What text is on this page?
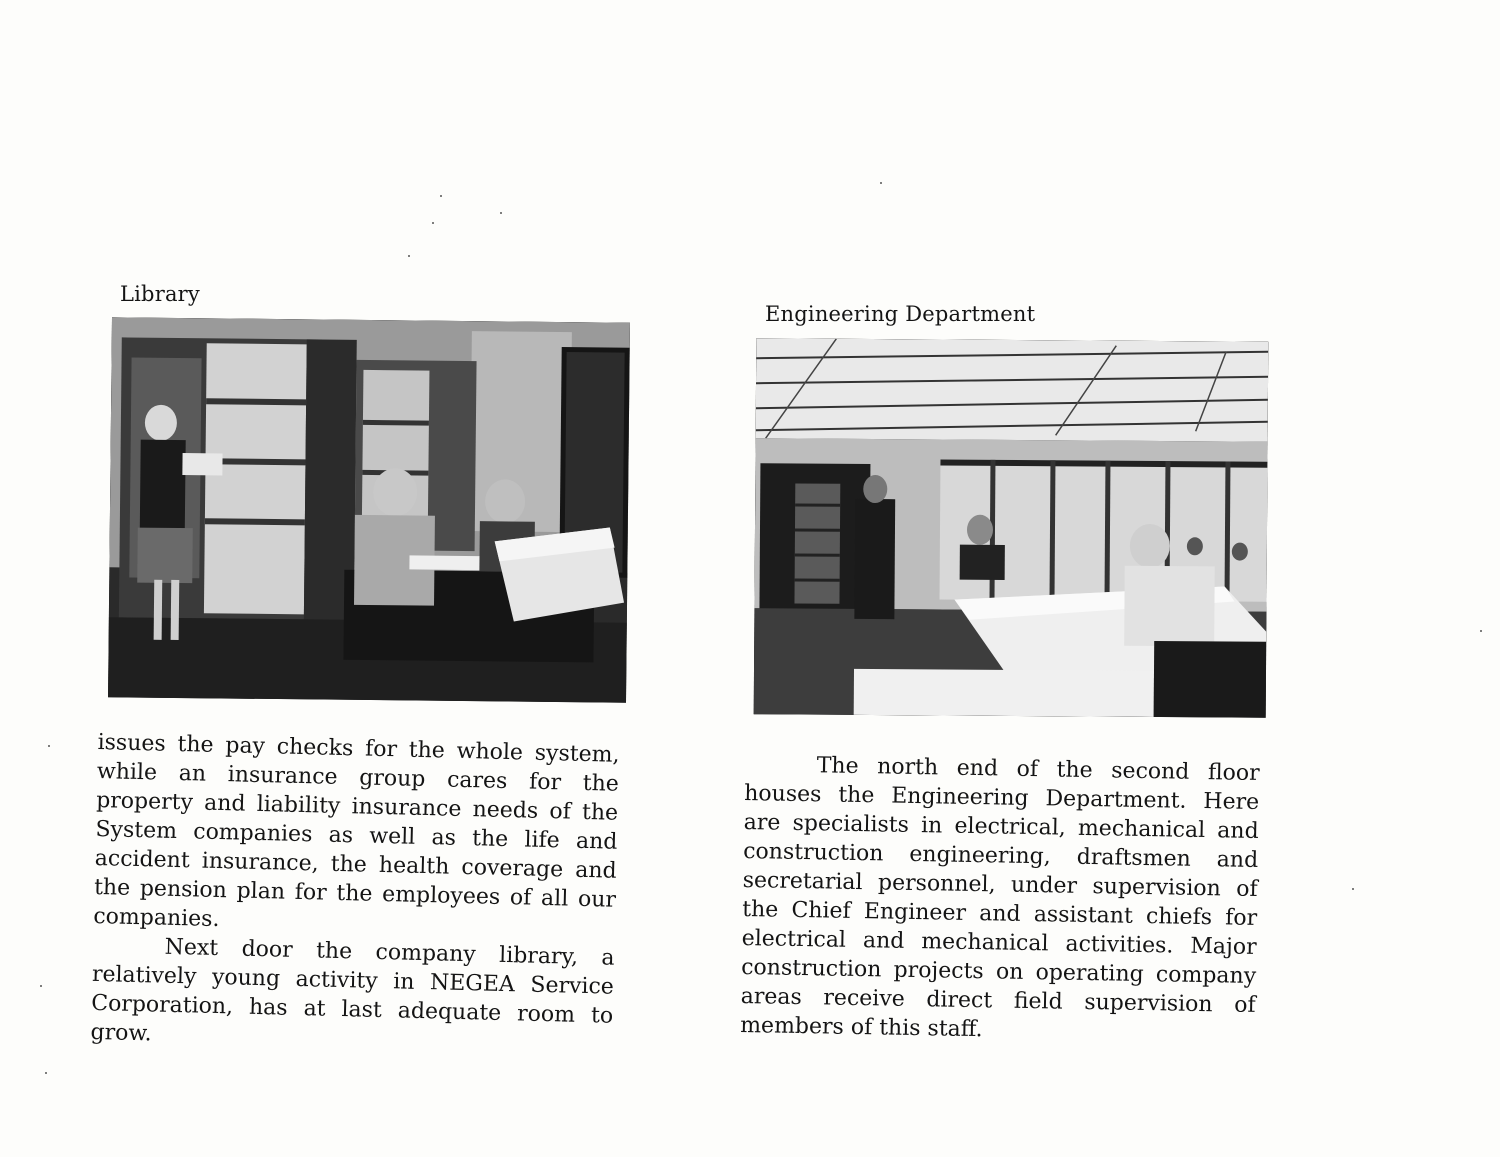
Library

issues the pay checks for the whole system, while an insurance group cares for the property and liability insurance needs of the System companies as well as the life and accident insurance, the health coverage and the pension plan for the employees of all our companies.

Next door the company library, a relatively young activity in NEGEA Service Corporation, has at last adequate room to grow.

Engineering Department

The north end of the second floor houses the Engineering Department. Here are specialists in electrical, mechanical and construction engineering, draftsmen and secretarial personnel, under supervision of the Chief Engineer and assistant chiefs for electrical and mechanical activities. Major construction projects on operating company areas receive direct field supervision of members of this staff.
